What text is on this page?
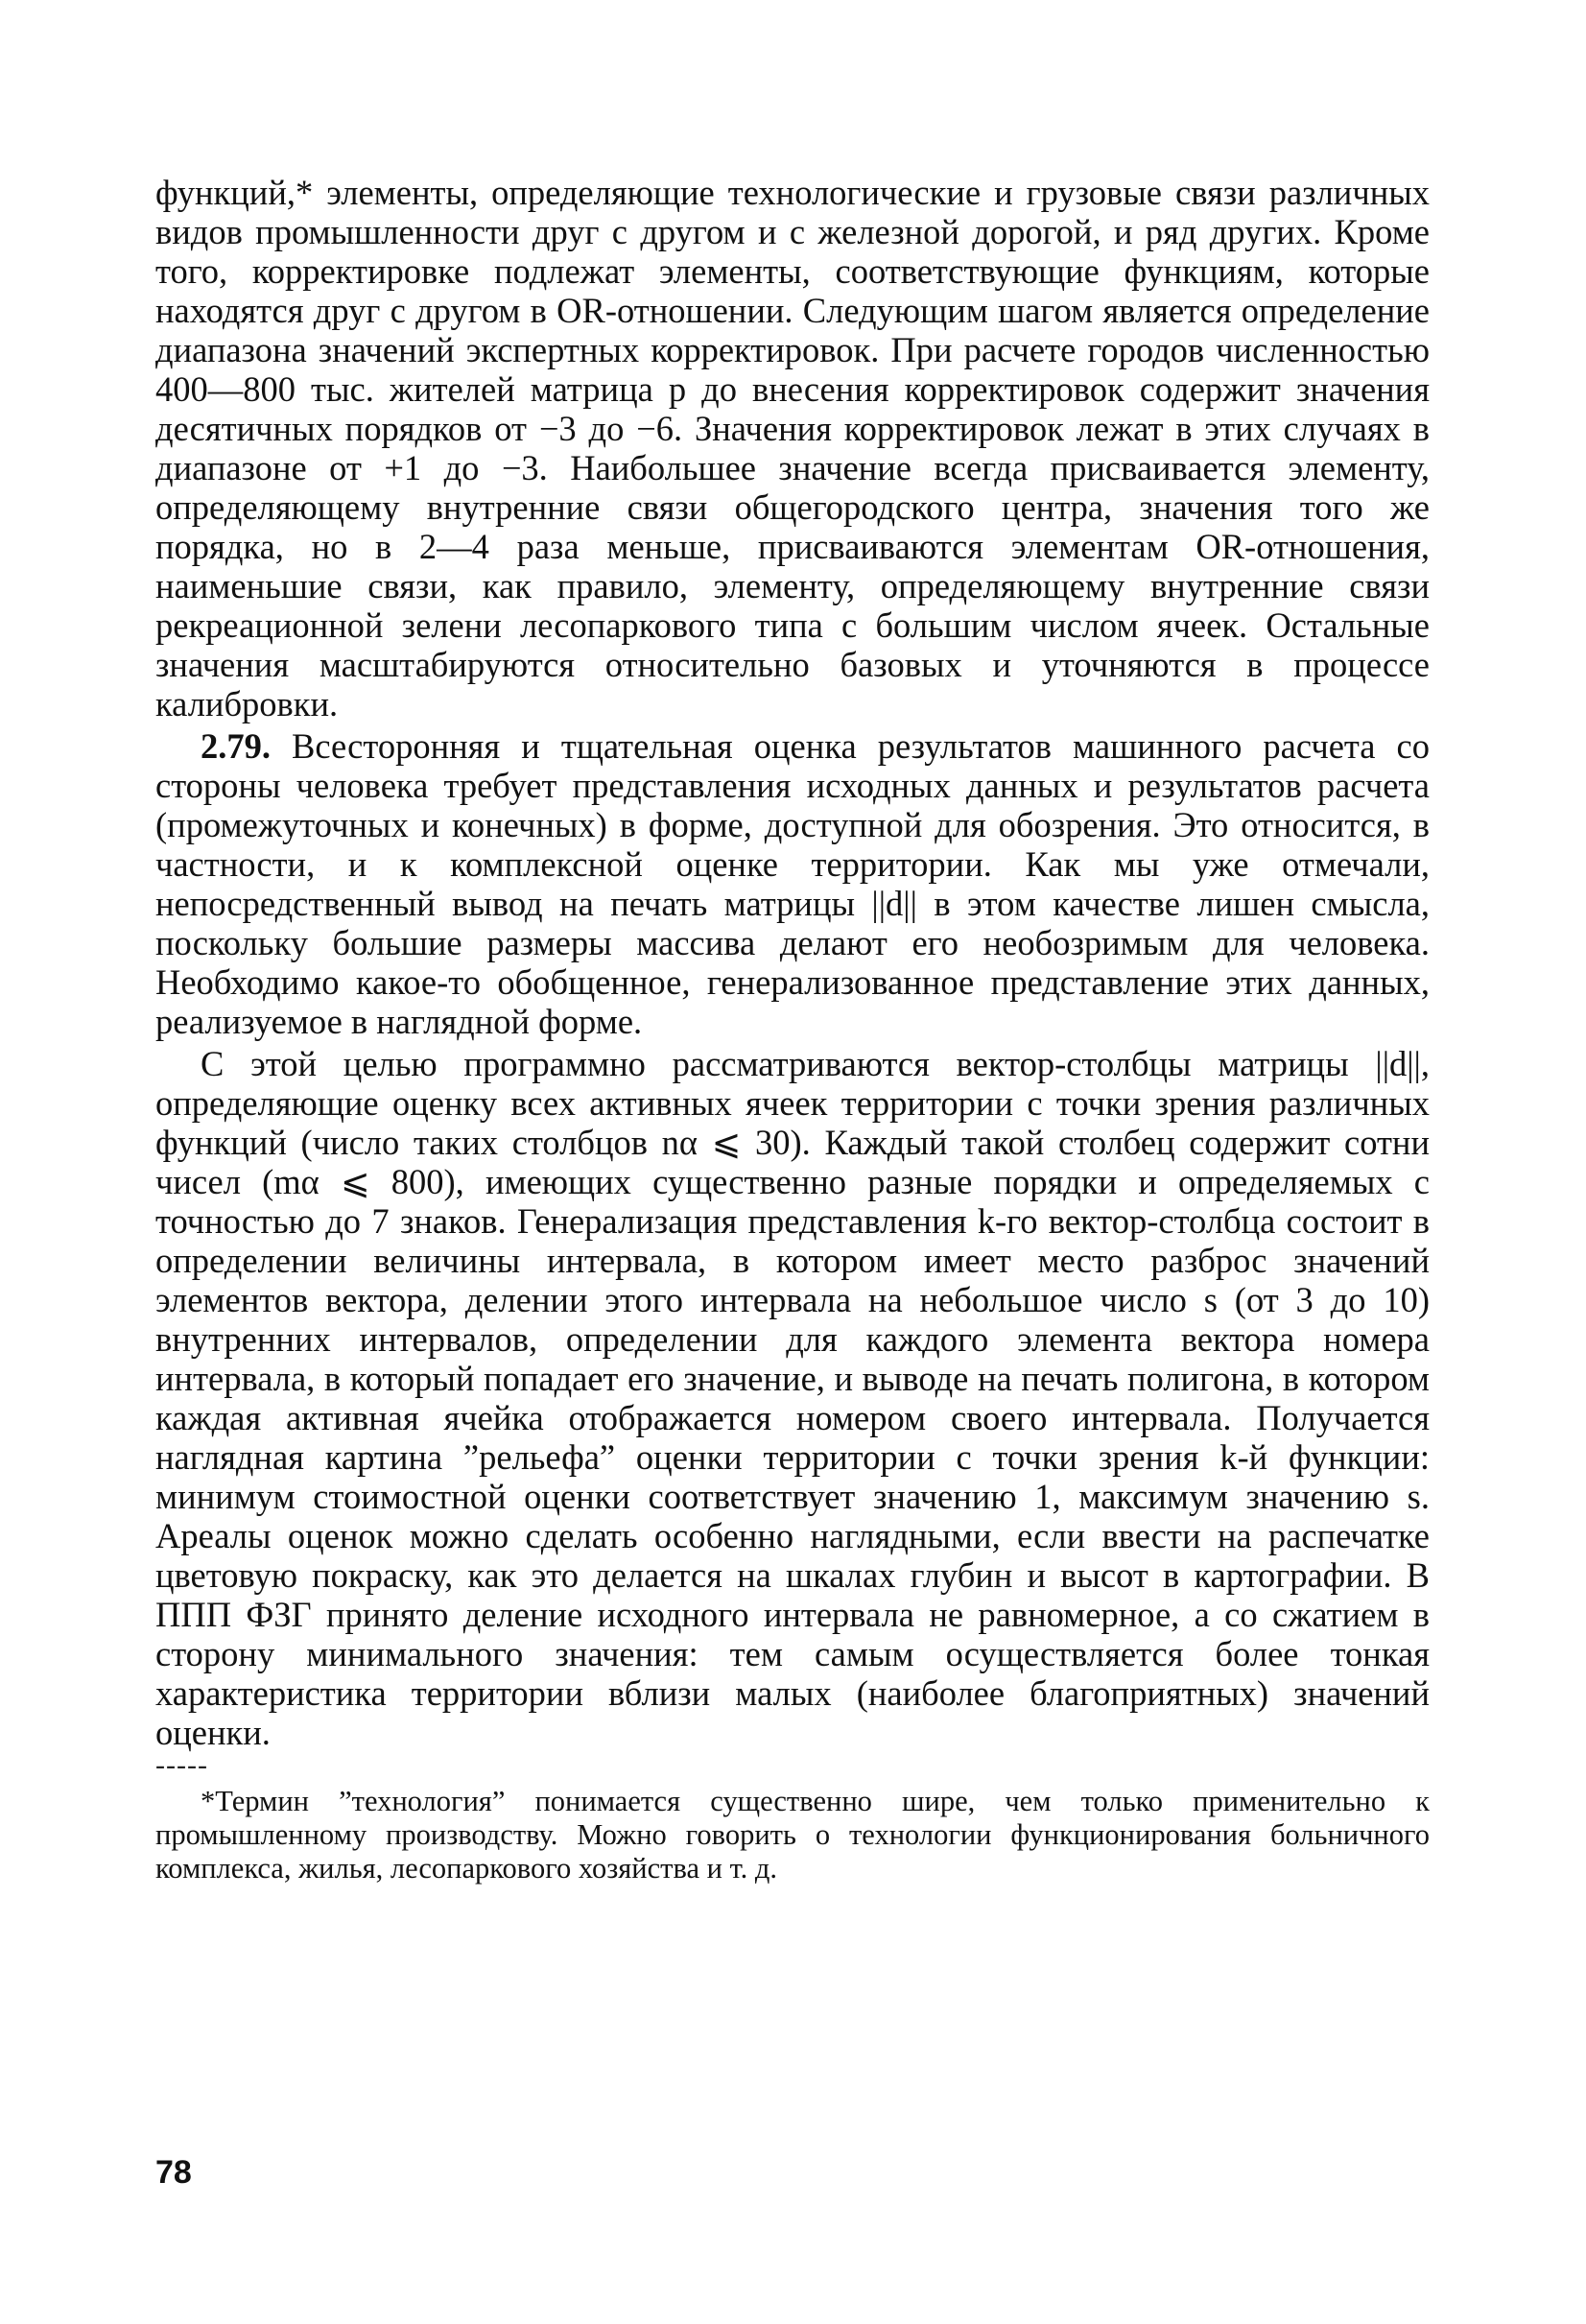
функций,* элементы, определяющие технологические и грузовые связи различных видов промышленности друг с другом и с железной дорогой, и ряд других. Кроме того, корректировке подлежат элементы, соответствующие функциям, которые находятся друг с другом в OR-отношении. Следующим шагом является определение диапазона значений экспертных корректировок. При расчете городов численностью 400—800 тыс. жителей матрица p до внесения корректировок содержит значения десятичных порядков от −3 до −6. Значения корректировок лежат в этих случаях в диапазоне от +1 до −3. Наибольшее значение всегда присваивается элементу, определяющему внутренние связи общегородского центра, значения того же порядка, но в 2—4 раза меньше, присваиваются элементам OR-отношения, наименьшие связи, как правило, элементу, определяющему внутренние связи рекреационной зелени лесопаркового типа с большим числом ячеек. Остальные значения масштабируются относительно базовых и уточняются в процессе калибровки.

2.79. Всесторонняя и тщательная оценка результатов машинного расчета со стороны человека требует представления исходных данных и результатов расчета (промежуточных и конечных) в форме, доступной для обозрения. Это относится, в частности, и к комплексной оценке территории. Как мы уже отмечали, непосредственный вывод на печать матрицы ||d|| в этом качестве лишен смысла, поскольку большие размеры массива делают его необозримым для человека. Необходимо какое-то обобщенное, генерализованное представление этих данных, реализуемое в наглядной форме.

С этой целью программно рассматриваются вектор-столбцы матрицы ||d||, определяющие оценку всех активных ячеек территории с точки зрения различных функций (число таких столбцов nα ⩽ 30). Каждый такой столбец содержит сотни чисел (mα ⩽ 800), имеющих существенно разные порядки и определяемых с точностью до 7 знаков. Генерализация представления k-го вектор-столбца состоит в определении величины интервала, в котором имеет место разброс значений элементов вектора, делении этого интервала на небольшое число s (от 3 до 10) внутренних интервалов, определении для каждого элемента вектора номера интервала, в который попадает его значение, и выводе на печать полигона, в котором каждая активная ячейка отображается номером своего интервала. Получается наглядная картина ”рельефа” оценки территории с точки зрения k-й функции: минимум стоимостной оценки соответствует значению 1, максимум значению s. Ареалы оценок можно сделать особенно наглядными, если ввести на распечатке цветовую покраску, как это делается на шкалах глубин и высот в картографии. В ППП ФЗГ принято деление исходного интервала не равномерное, а со сжатием в сторону минимального значения: тем самым осуществляется более тонкая характеристика территории вблизи малых (наиболее благоприятных) значений оценки.

-----

*Термин ”технология” понимается существенно шире, чем только применительно к промышленному производству. Можно говорить о технологии функционирования больничного комплекса, жилья, лесопаркового хозяйства и т. д.

78
